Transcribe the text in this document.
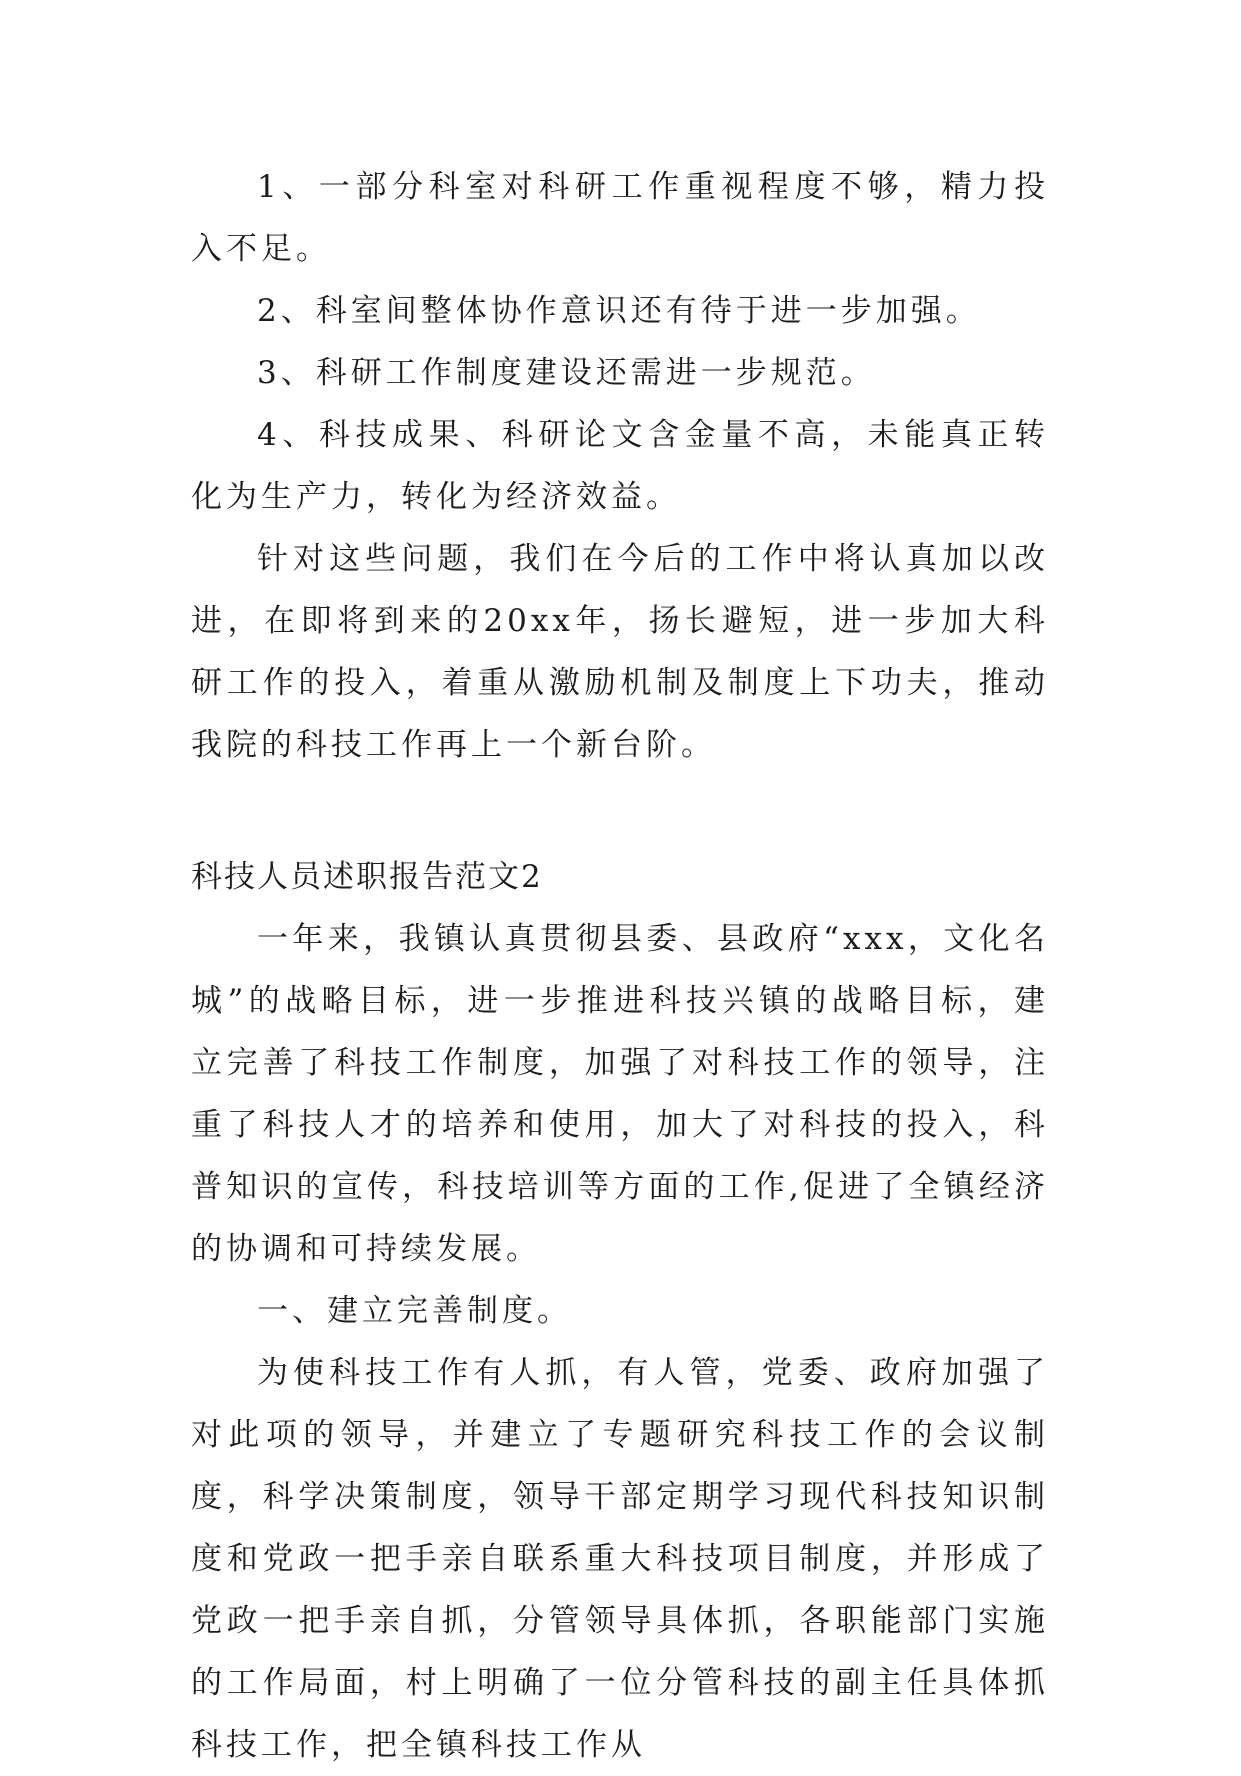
1、一部分科室对科研工作重视程度不够，精力投入不足。

2、科室间整体协作意识还有待于进一步加强。

3、科研工作制度建设还需进一步规范。

4、科技成果、科研论文含金量不高，未能真正转化为生产力，转化为经济效益。

针对这些问题，我们在今后的工作中将认真加以改进，在即将到来的20xx年，扬长避短，进一步加大科研工作的投入，着重从激励机制及制度上下功夫，推动我院的科技工作再上一个新台阶。

科技人员述职报告范文2

一年来，我镇认真贯彻县委、县政府“xxx，文化名城”的战略目标，进一步推进科技兴镇的战略目标，建立完善了科技工作制度，加强了对科技工作的领导，注重了科技人才的培养和使用，加大了对科技的投入，科普知识的宣传，科技培训等方面的工作,促进了全镇经济的协调和可持续发展。

一、建立完善制度。

为使科技工作有人抓，有人管，党委、政府加强了对此项的领导，并建立了专题研究科技工作的会议制度，科学决策制度，领导干部定期学习现代科技知识制度和党政一把手亲自联系重大科技项目制度，并形成了党政一把手亲自抓，分管领导具体抓，各职能部门实施的工作局面，村上明确了一位分管科技的副主任具体抓科技工作，把全镇科技工作从
